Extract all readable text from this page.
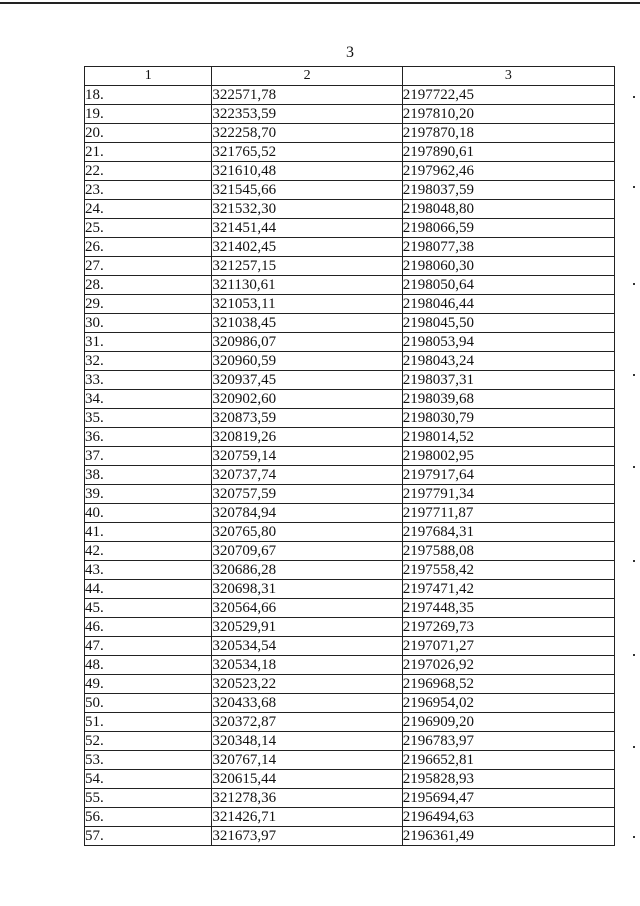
3
1	2	3
18.	322571,78	2197722,45
19.	322353,59	2197810,20
20.	322258,70	2197870,18
21.	321765,52	2197890,61
22.	321610,48	2197962,46
23.	321545,66	2198037,59
24.	321532,30	2198048,80
25.	321451,44	2198066,59
26.	321402,45	2198077,38
27.	321257,15	2198060,30
28.	321130,61	2198050,64
29.	321053,11	2198046,44
30.	321038,45	2198045,50
31.	320986,07	2198053,94
32.	320960,59	2198043,24
33.	320937,45	2198037,31
34.	320902,60	2198039,68
35.	320873,59	2198030,79
36.	320819,26	2198014,52
37.	320759,14	2198002,95
38.	320737,74	2197917,64
39.	320757,59	2197791,34
40.	320784,94	2197711,87
41.	320765,80	2197684,31
42.	320709,67	2197588,08
43.	320686,28	2197558,42
44.	320698,31	2197471,42
45.	320564,66	2197448,35
46.	320529,91	2197269,73
47.	320534,54	2197071,27
48.	320534,18	2197026,92
49.	320523,22	2196968,52
50.	320433,68	2196954,02
51.	320372,87	2196909,20
52.	320348,14	2196783,97
53.	320767,14	2196652,81
54.	320615,44	2195828,93
55.	321278,36	2195694,47
56.	321426,71	2196494,63
57.	321673,97	2196361,49
